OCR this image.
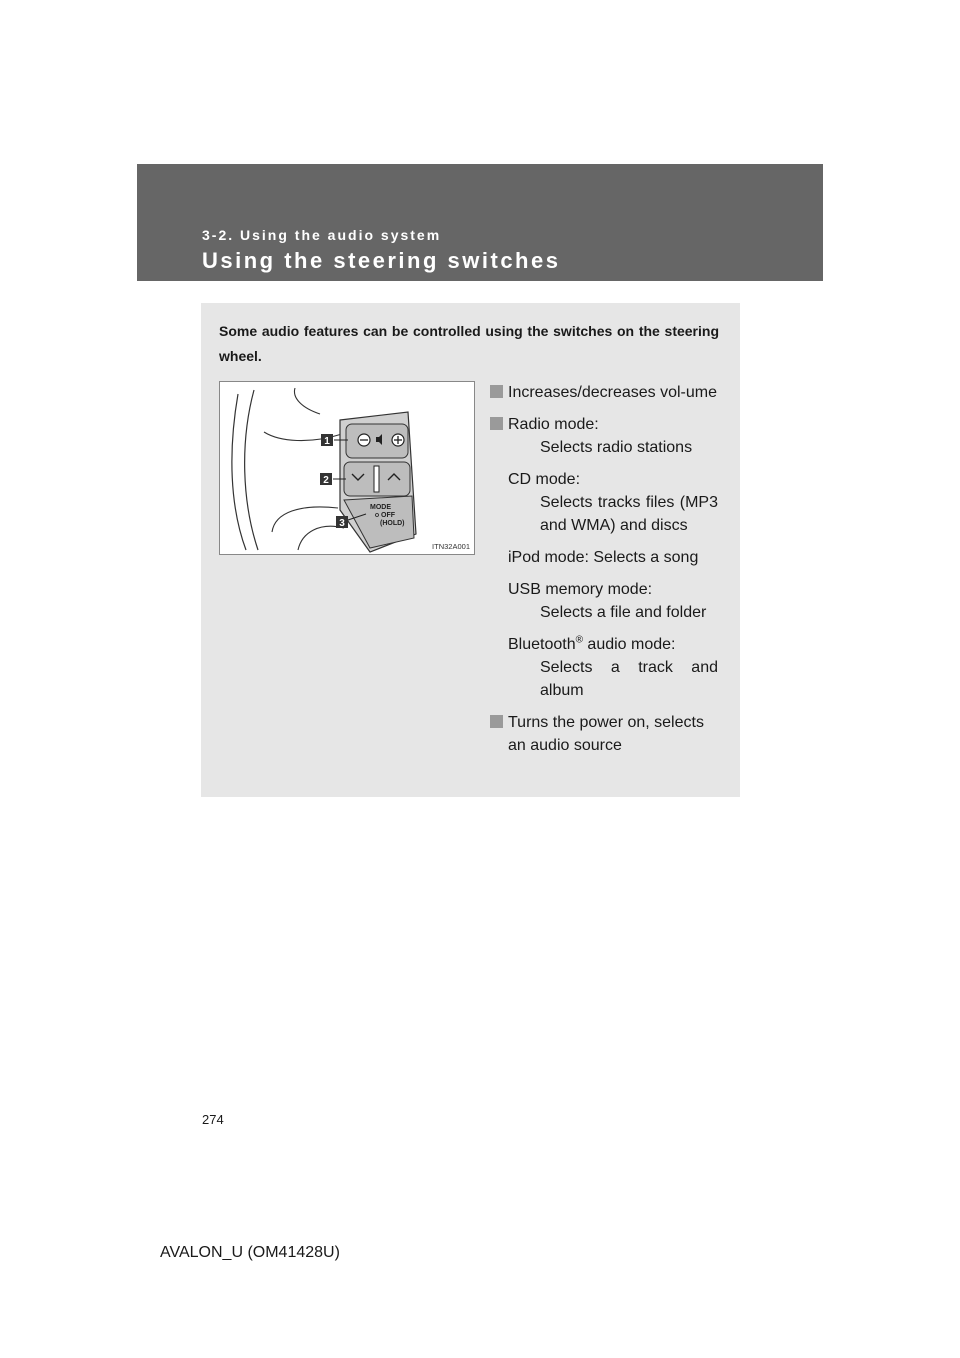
3-2. Using the audio system
Using the steering switches
Some audio features can be controlled using the switches on the steering wheel.
MODE
OFF
(HOLD)
1
2
3
ITN32A001
Increases/decreases vol-ume
Radio mode:
Selects radio stations
CD mode:
Selects tracks files (MP3 and WMA) and discs
iPod mode: Selects a song
USB memory mode:
Selects a file and folder
Bluetooth® audio mode:
Selects a track and album
Turns the power on, selects an audio source
274
AVALON_U (OM41428U)
